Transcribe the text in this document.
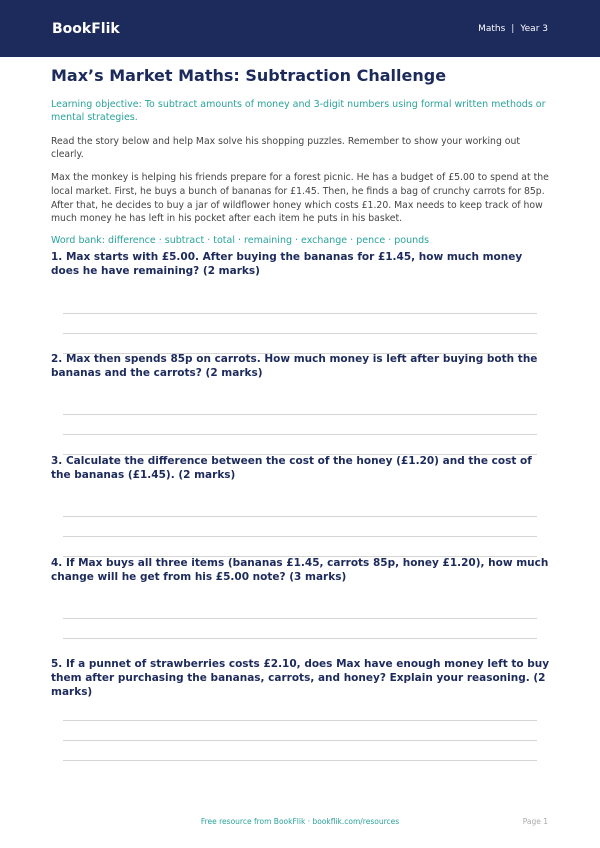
BookFlik	Maths | Year 3
Max’s Market Maths: Subtraction Challenge

Learning objective: To subtract amounts of money and 3-digit numbers using formal written methods or mental strategies.

Read the story below and help Max solve his shopping puzzles. Remember to show your working out clearly.

Max the monkey is helping his friends prepare for a forest picnic. He has a budget of £5.00 to spend at the local market. First, he buys a bunch of bananas for £1.45. Then, he finds a bag of crunchy carrots for 85p. After that, he decides to buy a jar of wildflower honey which costs £1.20. Max needs to keep track of how much money he has left in his pocket after each item he puts in his basket.

Word bank: difference · subtract · total · remaining · exchange · pence · pounds

1. Max starts with £5.00. After buying the bananas for £1.45, how much money does he have remaining? (2 marks)

2. Max then spends 85p on carrots. How much money is left after buying both the bananas and the carrots? (2 marks)

3. Calculate the difference between the cost of the honey (£1.20) and the cost of the bananas (£1.45). (2 marks)

4. If Max buys all three items (bananas £1.45, carrots 85p, honey £1.20), how much change will he get from his £5.00 note? (3 marks)

5. If a punnet of strawberries costs £2.10, does Max have enough money left to buy them after purchasing the bananas, carrots, and honey? Explain your reasoning. (2 marks)

Free resource from BookFlik · bookflik.com/resources	Page 1
